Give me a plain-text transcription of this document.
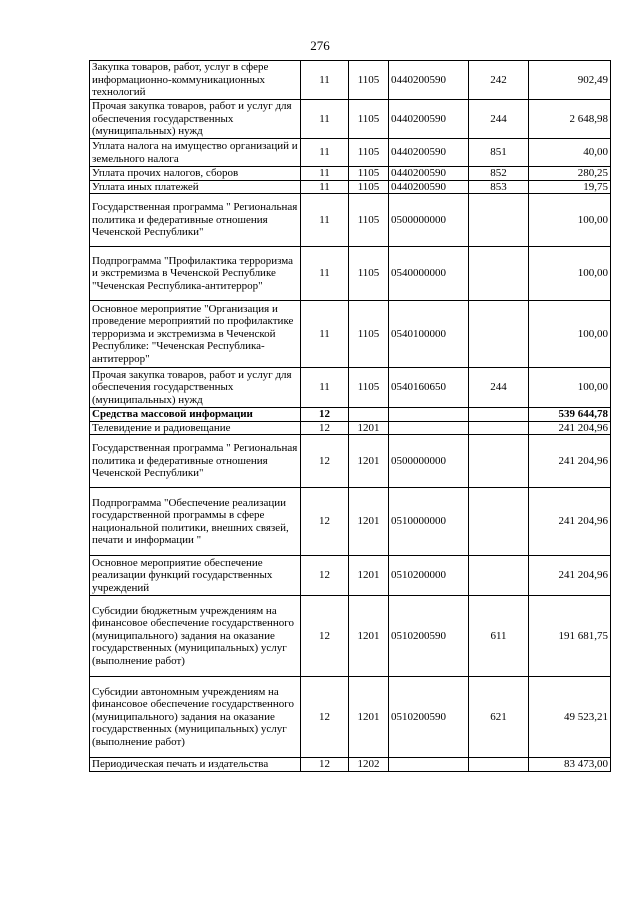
276
Закупка товаров, работ, услуг в сфере информационно-коммуникационных технологий	11	1105	0440200590	242	902,49
Прочая закупка товаров, работ и услуг для обеспечения государственных (муниципальных) нужд	11	1105	0440200590	244	2 648,98
Уплата налога на имущество организаций и земельного налога	11	1105	0440200590	851	40,00
Уплата прочих налогов, сборов	11	1105	0440200590	852	280,25
Уплата иных платежей	11	1105	0440200590	853	19,75
Государственная программа " Региональная политика и федеративные отношения Чеченской Республики"	11	1105	0500000000		100,00
Подпрограмма "Профилактика терроризма и экстремизма в Чеченской Республике "Чеченская Республика-антитеррор"	11	1105	0540000000		100,00
Основное мероприятие "Организация и проведение мероприятий по профилактике терроризма и экстремизма в Чеченской Республике: "Чеченская Республика-антитеррор"	11	1105	0540100000		100,00
Прочая закупка товаров, работ и услуг для обеспечения государственных (муниципальных) нужд	11	1105	0540160650	244	100,00
Средства массовой информации	12				539 644,78
Телевидение и радиовещание	12	1201			241 204,96
Государственная программа " Региональная политика и федеративные отношения Чеченской Республики"	12	1201	0500000000		241 204,96
Подпрограмма "Обеспечение реализации государственной программы в сфере национальной политики, внешних связей, печати и информации "	12	1201	0510000000		241 204,96
Основное мероприятие обеспечение реализации функций государственных учреждений	12	1201	0510200000		241 204,96
Субсидии бюджетным учреждениям на финансовое обеспечение государственного (муниципального) задания на оказание государственных (муниципальных) услуг (выполнение работ)	12	1201	0510200590	611	191 681,75
Субсидии автономным учреждениям на финансовое обеспечение государственного (муниципального) задания на оказание государственных (муниципальных) услуг (выполнение работ)	12	1201	0510200590	621	49 523,21
Периодическая печать и издательства	12	1202			83 473,00
